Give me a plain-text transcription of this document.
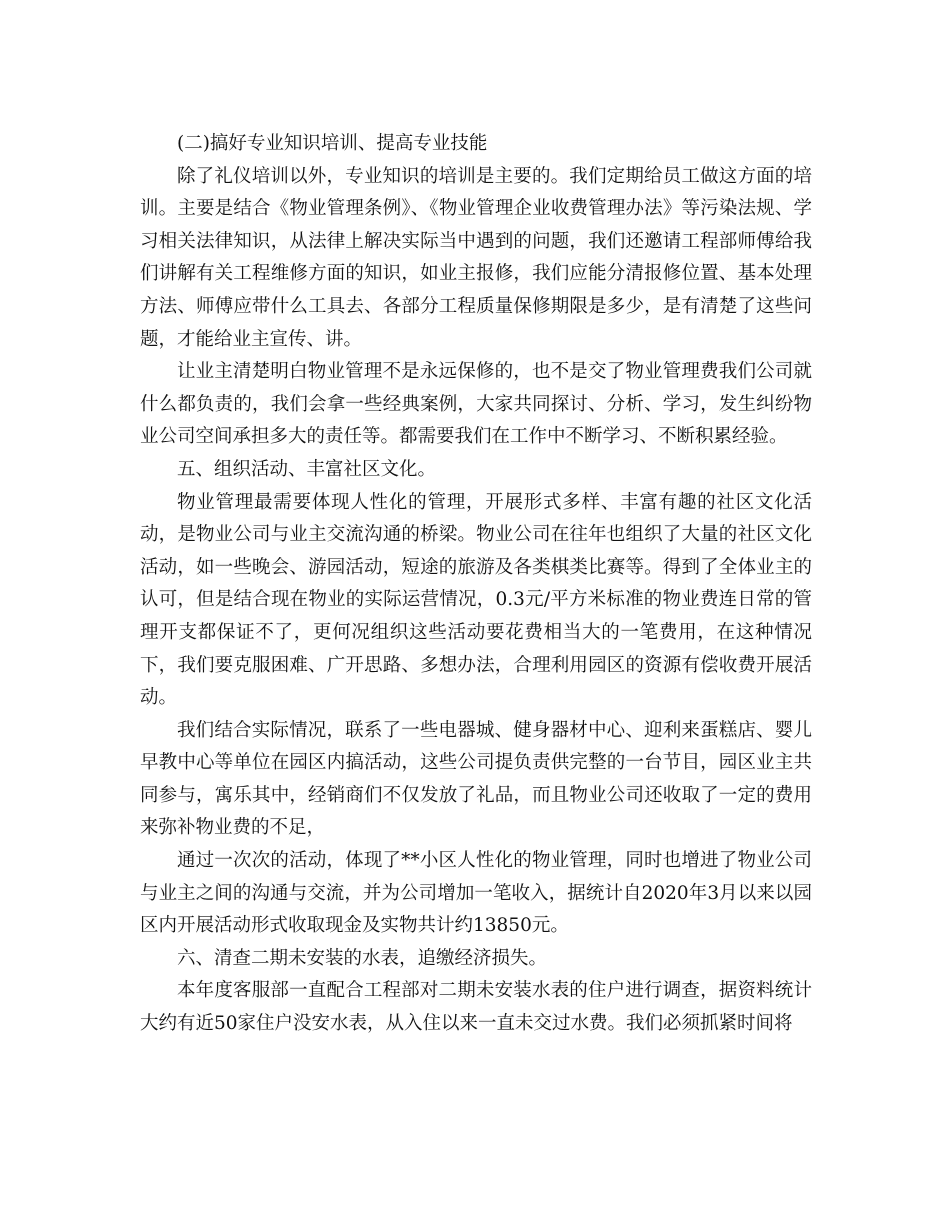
(二)搞好专业知识培训、提高专业技能

除了礼仪培训以外，专业知识的培训是主要的。我们定期给员工做这方面的培训。主要是结合《物业管理条例》、《物业管理企业收费管理办法》等污染法规、学习相关法律知识，从法律上解决实际当中遇到的问题，我们还邀请工程部师傅给我们讲解有关工程维修方面的知识，如业主报修，我们应能分清报修位置、基本处理方法、师傅应带什么工具去、各部分工程质量保修期限是多少，是有清楚了这些问题，才能给业主宣传、讲。

让业主清楚明白物业管理不是永远保修的，也不是交了物业管理费我们公司就什么都负责的，我们会拿一些经典案例，大家共同探讨、分析、学习，发生纠纷物业公司空间承担多大的责任等。都需要我们在工作中不断学习、不断积累经验。

五、组织活动、丰富社区文化。

物业管理最需要体现人性化的管理，开展形式多样、丰富有趣的社区文化活动，是物业公司与业主交流沟通的桥梁。物业公司在往年也组织了大量的社区文化活动，如一些晚会、游园活动，短途的旅游及各类棋类比赛等。得到了全体业主的认可，但是结合现在物业的实际运营情况，0.3元/平方米标准的物业费连日常的管理开支都保证不了，更何况组织这些活动要花费相当大的一笔费用，在这种情况下，我们要克服困难、广开思路、多想办法，合理利用园区的资源有偿收费开展活动。

我们结合实际情况，联系了一些电器城、健身器材中心、迎利来蛋糕店、婴儿早教中心等单位在园区内搞活动，这些公司提负责供完整的一台节目，园区业主共同参与，寓乐其中，经销商们不仅发放了礼品，而且物业公司还收取了一定的费用来弥补物业费的不足，

通过一次次的活动，体现了**小区人性化的物业管理，同时也增进了物业公司与业主之间的沟通与交流，并为公司增加一笔收入，据统计自2020年3月以来以园区内开展活动形式收取现金及实物共计约13850元。

六、清查二期未安装的水表，追缴经济损失。

本年度客服部一直配合工程部对二期未安装水表的住户进行调查，据资料统计大约有近50家住户没安水表，从入住以来一直未交过水费。我们必须抓紧时间将
